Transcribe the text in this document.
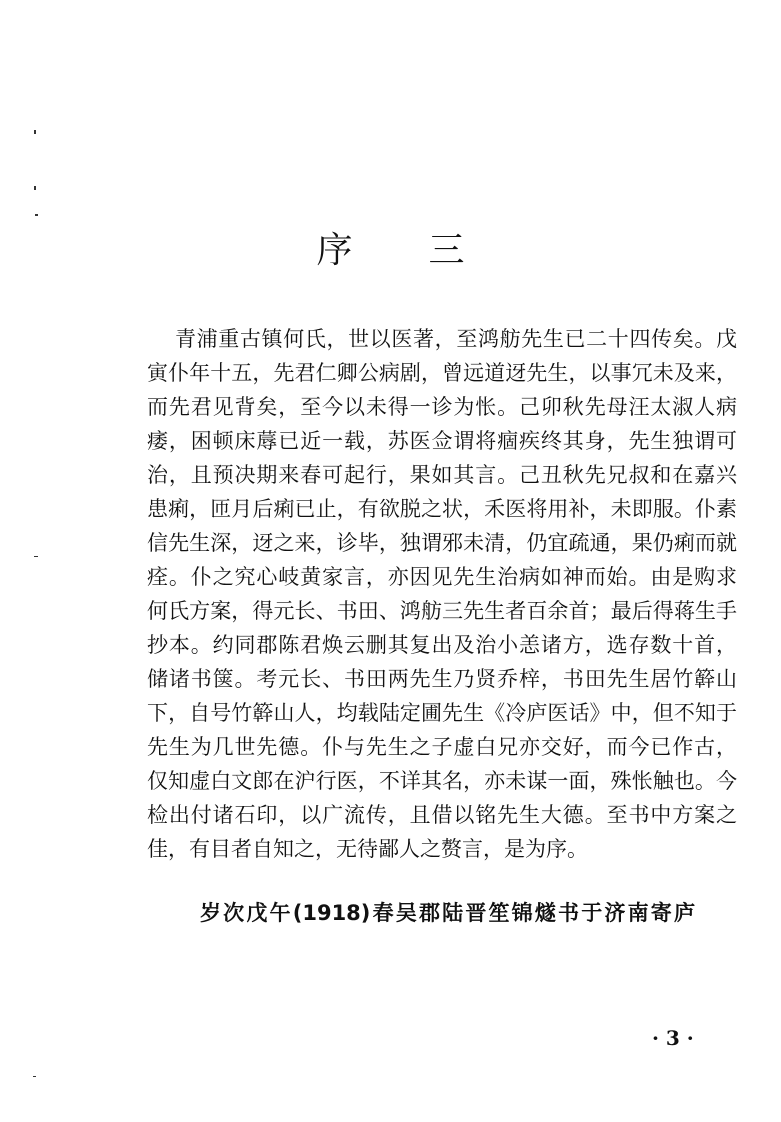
序 三
青浦重古镇何氏，世以医著，至鸿舫先生已二十四传矣。戊
寅仆年十五，先君仁卿公病剧，曾远道迓先生，以事冗未及来，
而先君见背矣，至今以未得一诊为怅。己卯秋先母汪太淑人病
痿，困顿床蓐已近一载，苏医佥谓将痼疾终其身，先生独谓可
治，且预决期来春可起行，果如其言。己丑秋先兄叔和在嘉兴
患痢，匝月后痢已止，有欲脱之状，禾医将用补，未即服。仆素
信先生深，迓之来，诊毕，独谓邪未清，仍宜疏通，果仍痢而就
痊。仆之究心岐黄家言，亦因见先生治病如神而始。由是购求
何氏方案，得元长、书田、鸿舫三先生者百余首；最后得蒋生手
抄本。约同郡陈君焕云删其复出及治小恙诸方，选存数十首，
储诸书箧。考元长、书田两先生乃贤乔梓，书田先生居竹簳山
下，自号竹簳山人，均载陆定圃先生《冷庐医话》中，但不知于
先生为几世先德。仆与先生之子虚白兄亦交好，而今已作古，
仅知虚白文郎在沪行医，不详其名，亦未谋一面，殊怅触也。今
检出付诸石印，以广流传，且借以铭先生大德。至书中方案之
佳，有目者自知之，无待鄙人之赘言，是为序。
岁次戊午(1918)春吴郡陆晋笙锦燧书于济南寄庐
· 3 ·
